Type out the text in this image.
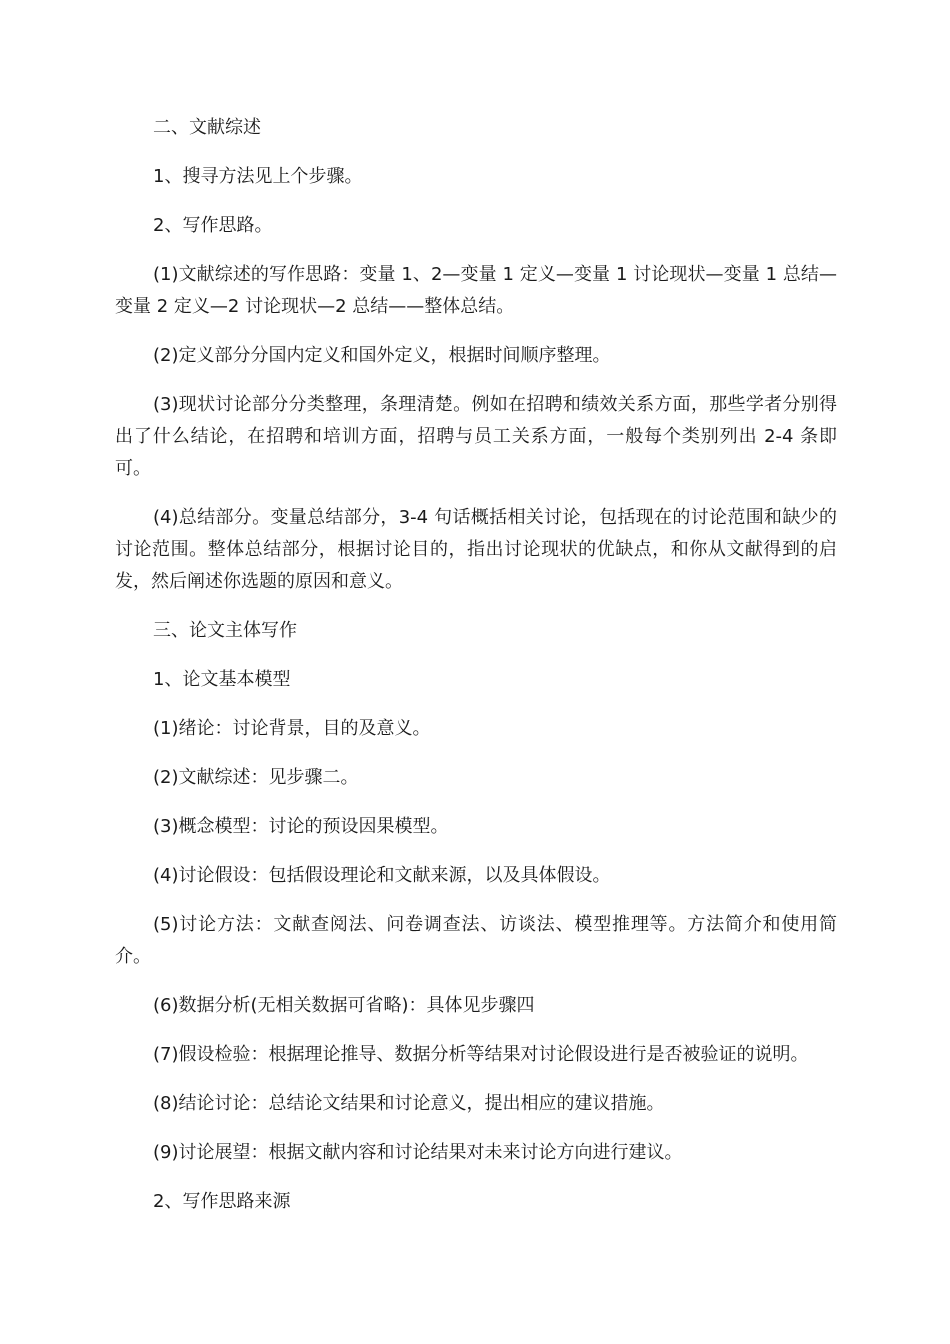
二、文献综述

1、搜寻方法见上个步骤。

2、写作思路。

(1)文献综述的写作思路：变量 1、2—变量 1 定义—变量 1 讨论现状—变量 1 总结—变量 2 定义—2 讨论现状—2 总结——整体总结。

(2)定义部分分国内定义和国外定义，根据时间顺序整理。

(3)现状讨论部分分类整理，条理清楚。例如在招聘和绩效关系方面，那些学者分别得出了什么结论，在招聘和培训方面，招聘与员工关系方面，一般每个类别列出 2-4 条即可。

(4)总结部分。变量总结部分，3-4 句话概括相关讨论，包括现在的讨论范围和缺少的讨论范围。整体总结部分，根据讨论目的，指出讨论现状的优缺点，和你从文献得到的启发，然后阐述你选题的原因和意义。

三、论文主体写作

1、论文基本模型

(1)绪论：讨论背景，目的及意义。

(2)文献综述：见步骤二。

(3)概念模型：讨论的预设因果模型。

(4)讨论假设：包括假设理论和文献来源，以及具体假设。

(5)讨论方法：文献查阅法、问卷调查法、访谈法、模型推理等。方法简介和使用简介。

(6)数据分析(无相关数据可省略)：具体见步骤四

(7)假设检验：根据理论推导、数据分析等结果对讨论假设进行是否被验证的说明。

(8)结论讨论：总结论文结果和讨论意义，提出相应的建议措施。

(9)讨论展望：根据文献内容和讨论结果对未来讨论方向进行建议。

2、写作思路来源
